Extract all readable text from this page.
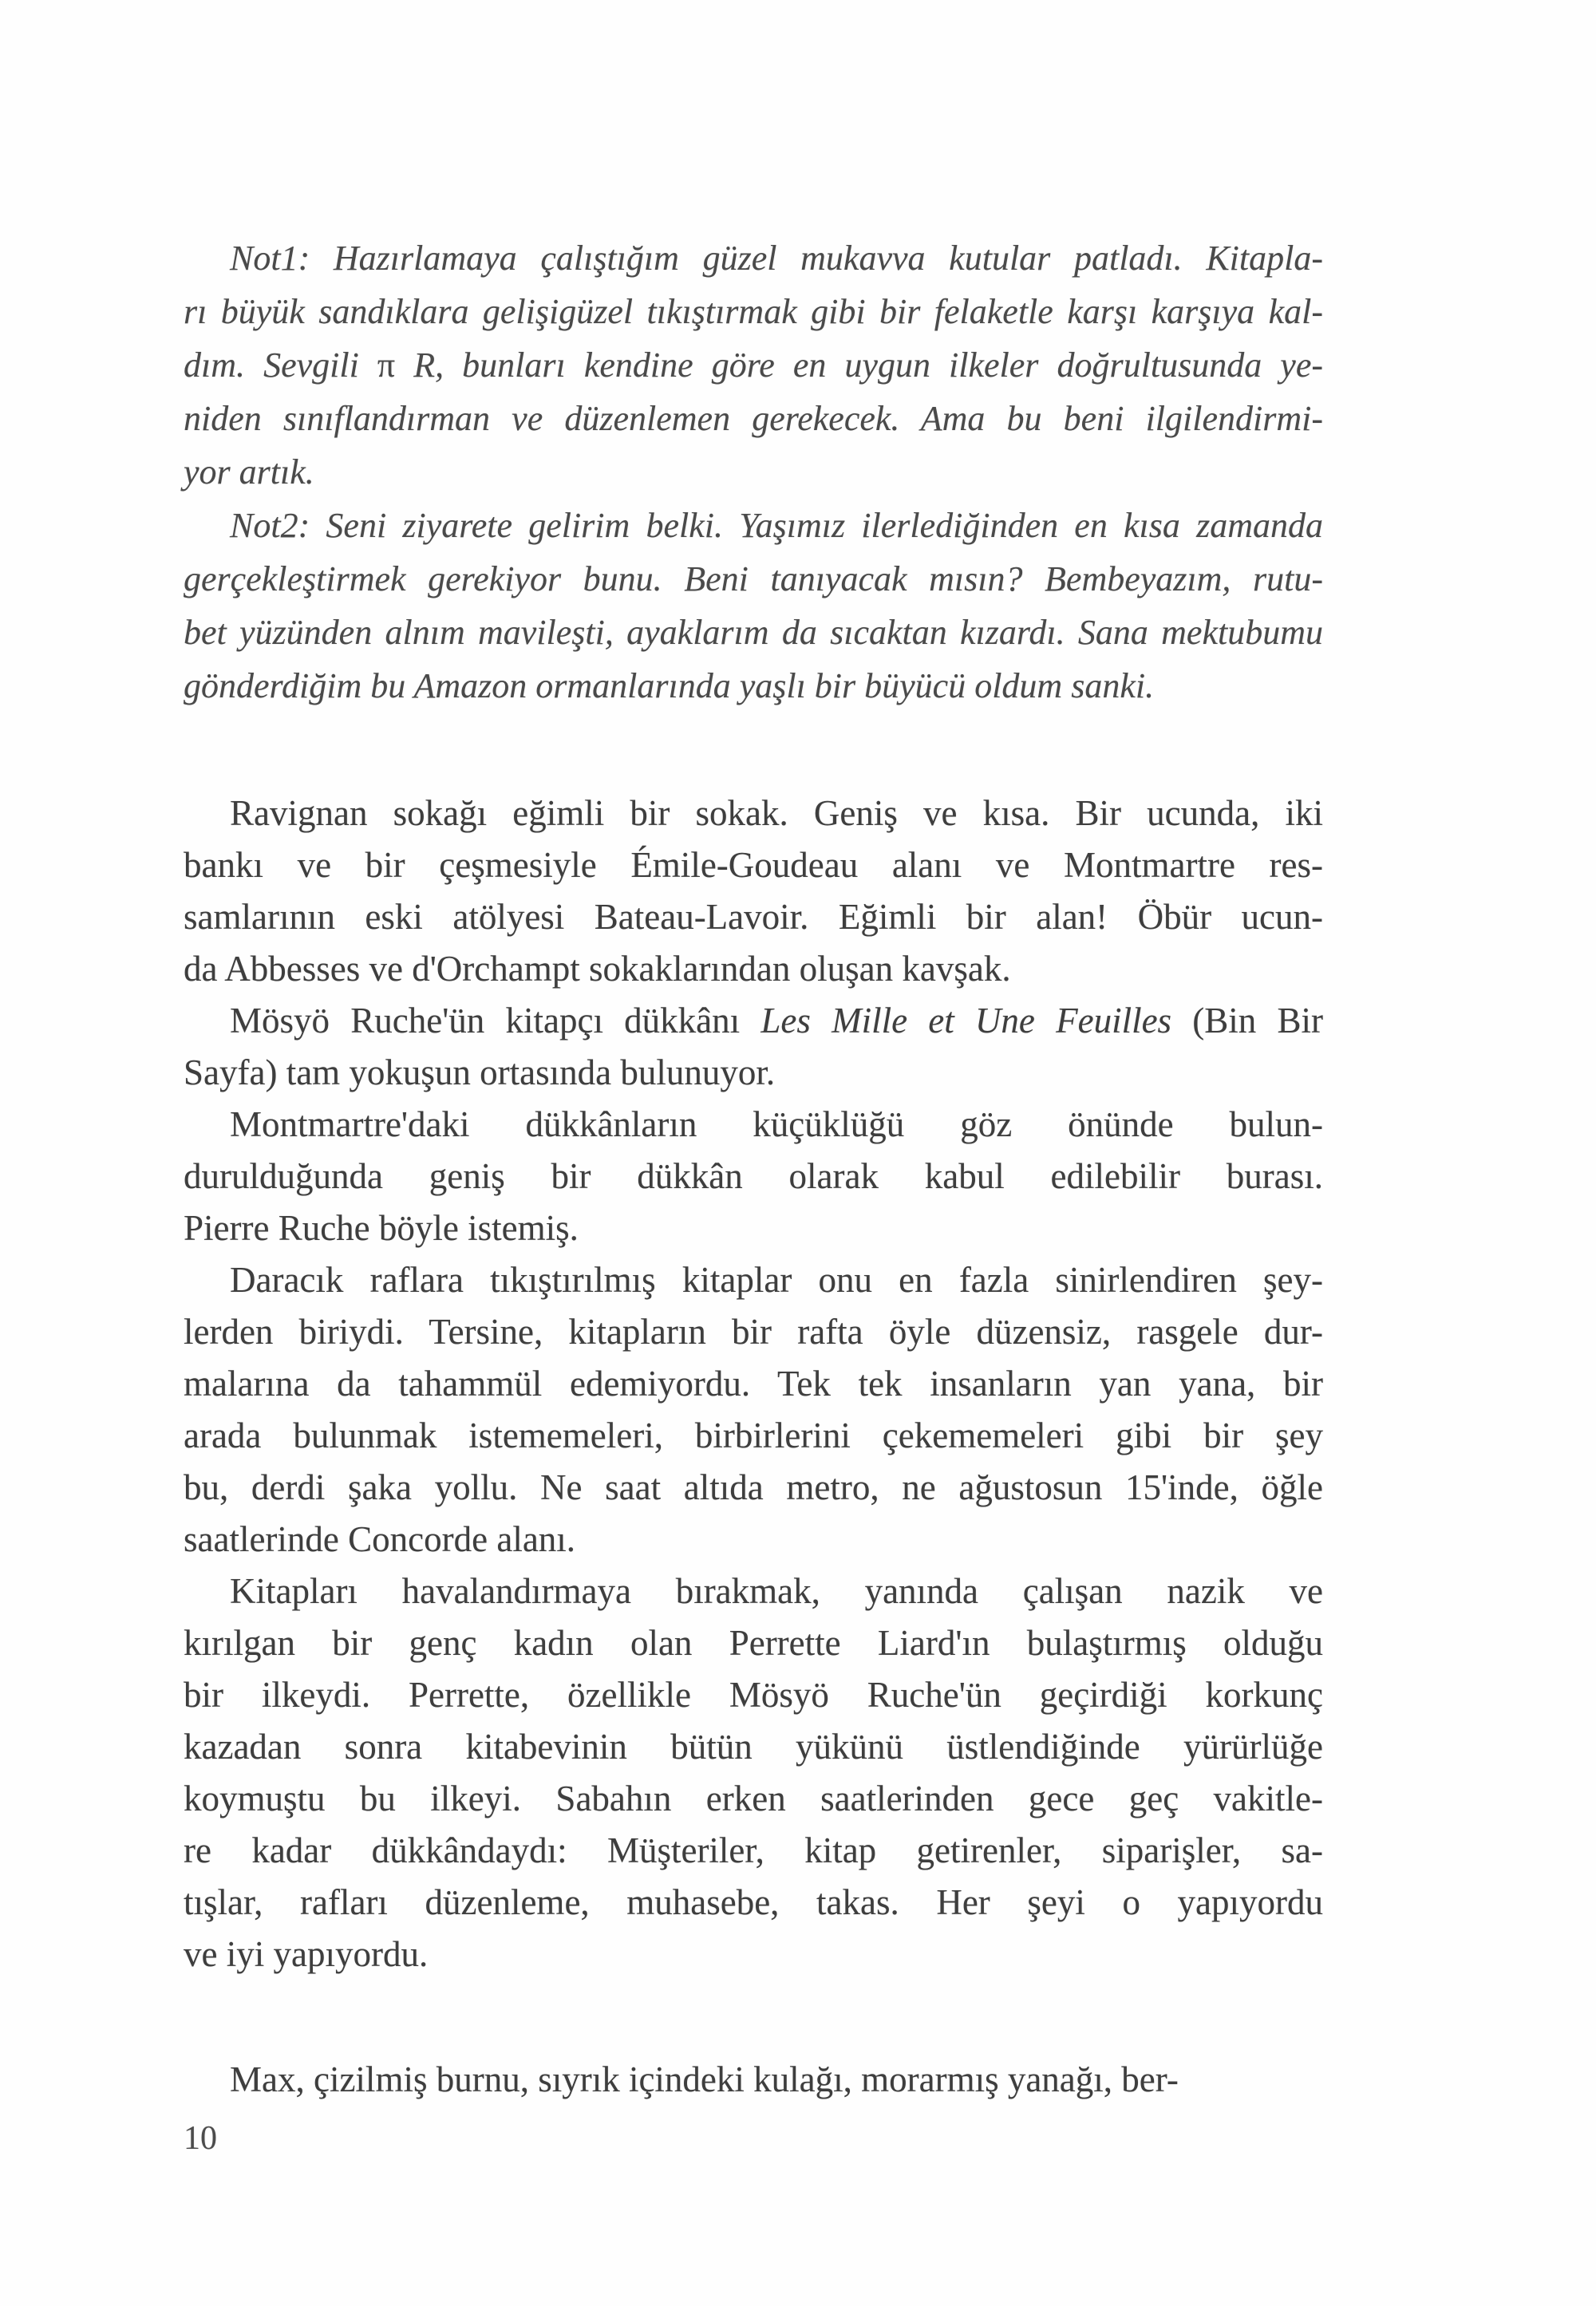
Not1: Hazırlamaya çalıştığım güzel mukavva kutular patladı. Kitapla-
rı büyük sandıklara gelişigüzel tıkıştırmak gibi bir felaketle karşı karşıya kal-
dım. Sevgili π R, bunları kendine göre en uygun ilkeler doğrultusunda ye-
niden sınıflandırman ve düzenlemen gerekecek. Ama bu beni ilgilendirmi-
yor artık.
Not2: Seni ziyarete gelirim belki. Yaşımız ilerlediğinden en kısa zamanda
gerçekleştirmek gerekiyor bunu. Beni tanıyacak mısın? Bembeyazım, rutu-
bet yüzünden alnım mavileşti, ayaklarım da sıcaktan kızardı. Sana mektubumu
gönderdiğim bu Amazon ormanlarında yaşlı bir büyücü oldum sanki.
Ravignan sokağı eğimli bir sokak. Geniş ve kısa. Bir ucunda, iki
bankı ve bir çeşmesiyle Émile-Goudeau alanı ve Montmartre res-
samlarının eski atölyesi Bateau-Lavoir. Eğimli bir alan! Öbür ucun-
da Abbesses ve d'Orchampt sokaklarından oluşan kavşak.
Mösyö Ruche'ün kitapçı dükkânı Les Mille et Une Feuilles (Bin Bir
Sayfa) tam yokuşun ortasında bulunuyor.
Montmartre'daki dükkânların küçüklüğü göz önünde bulun-
durulduğunda geniş bir dükkân olarak kabul edilebilir burası.
Pierre Ruche böyle istemiş.
Daracık raflara tıkıştırılmış kitaplar onu en fazla sinirlendiren şey-
lerden biriydi. Tersine, kitapların bir rafta öyle düzensiz, rasgele dur-
malarına da tahammül edemiyordu. Tek tek insanların yan yana, bir
arada bulunmak istememeleri, birbirlerini çekememeleri gibi bir şey
bu, derdi şaka yollu. Ne saat altıda metro, ne ağustosun 15'inde, öğle
saatlerinde Concorde alanı.
Kitapları havalandırmaya bırakmak, yanında çalışan nazik ve
kırılgan bir genç kadın olan Perrette Liard'ın bulaştırmış olduğu
bir ilkeydi. Perrette, özellikle Mösyö Ruche'ün geçirdiği korkunç
kazadan sonra kitabevinin bütün yükünü üstlendiğinde yürürlüğe
koymuştu bu ilkeyi. Sabahın erken saatlerinden gece geç vakitle-
re kadar dükkândaydı: Müşteriler, kitap getirenler, siparişler, sa-
tışlar, rafları düzenleme, muhasebe, takas. Her şeyi o yapıyordu
ve iyi yapıyordu.
Max, çizilmiş burnu, sıyrık içindeki kulağı, morarmış yanağı, ber-
10
